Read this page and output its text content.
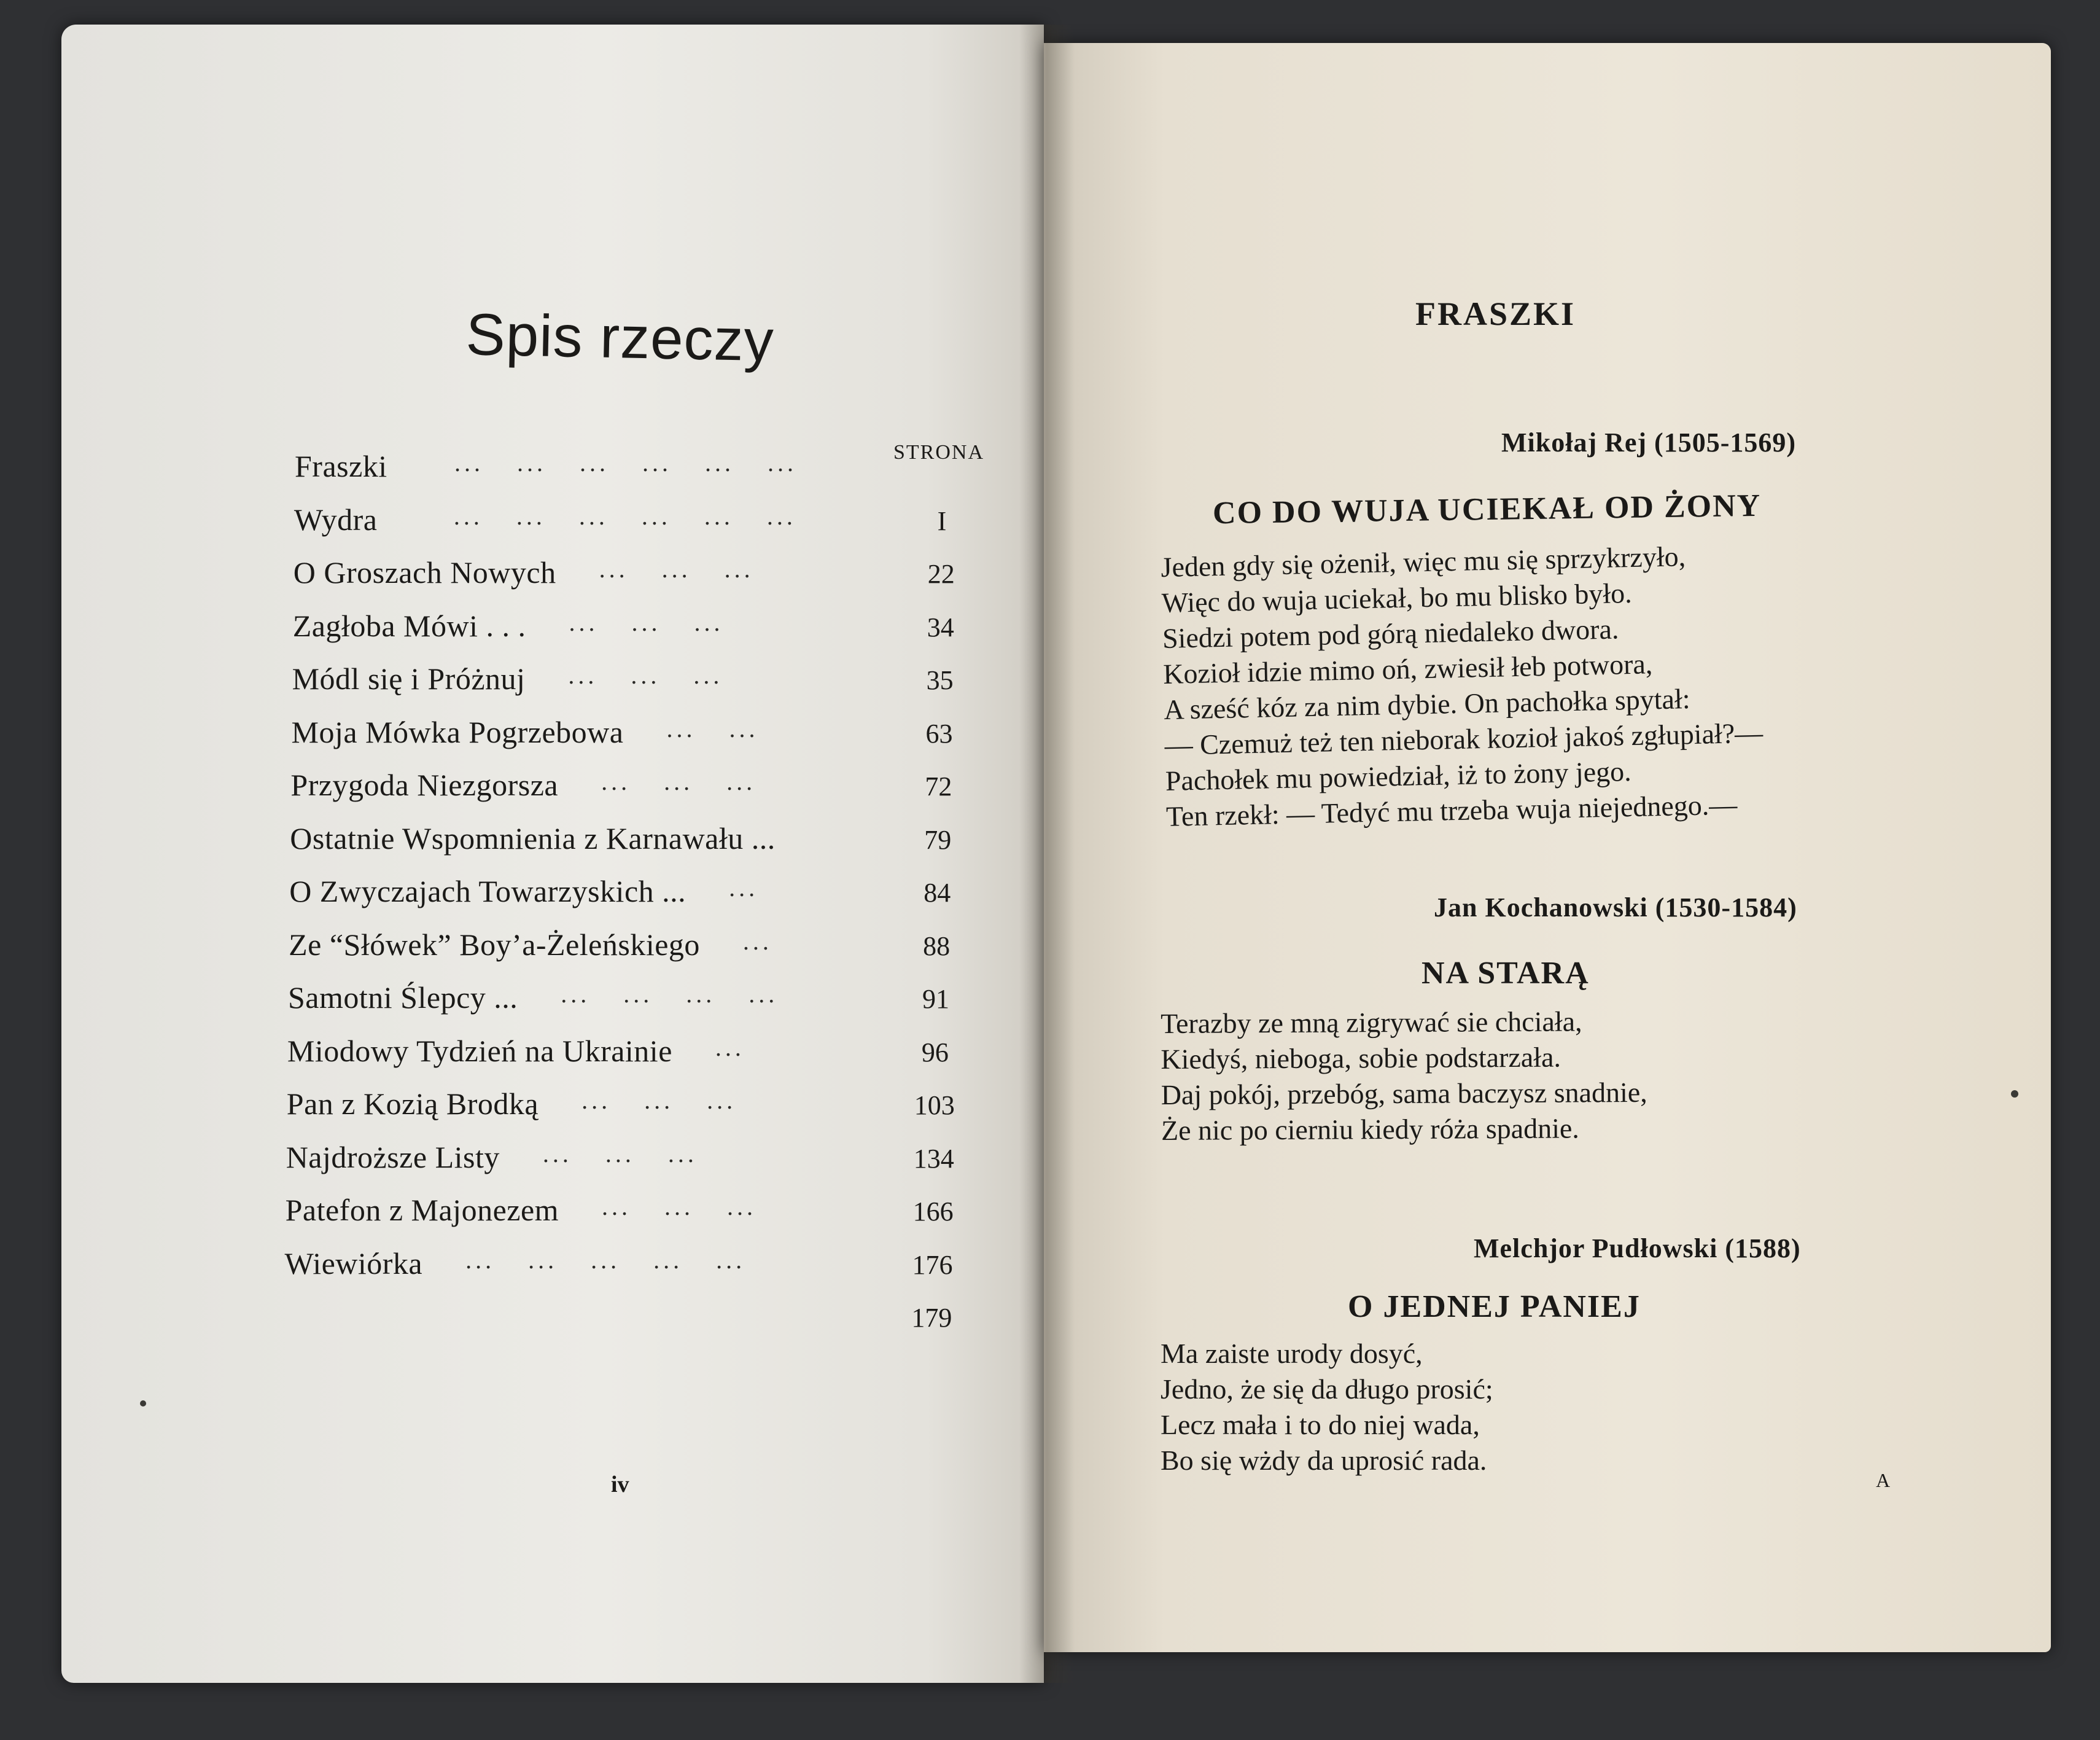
Spis rzeczy
STRONA
Fraszki	... ... ... ... ... ...
Wydra	... ... ... ... ... ...	I
O Groszach Nowych ... ... ...	22
Zagłoba Mówi . . . ... ... ...	34
Módl się i Próżnuj ... ... ...	35
Moja Mówka Pogrzebowa ... ...	63
Przygoda Niezgorsza ... ... ...	72
Ostatnie Wspomnienia z Karnawału ...	79
O Zwyczajach Towarzyskich ... ...	84
Ze “Słówek” Boy’a-Żeleńskiego ...	88
Samotni Ślepcy ... ... ... ... ...	91
Miodowy Tydzień na Ukrainie ...	96
Pan z Kozią Brodką ... ... ...	103
Najdroższe Listy ... ... ...	134
Patefon z Majonezem ... ... ...	166
Wiewiórka ... ... ... ... ...	176
179
iv
FRASZKI
Mikołaj Rej (1505-1569)
CO DO WUJA UCIEKAŁ OD ŻONY
Jeden gdy się ożenił, więc mu się sprzykrzyło,
Więc do wuja uciekał, bo mu blisko było.
Siedzi potem pod górą niedaleko dwora.
Kozioł idzie mimo oń, zwiesił łeb potwora,
A sześć kóz za nim dybie. On pachołka spytał:
— Czemuż też ten nieborak kozioł jakoś zgłupiał?—
Pachołek mu powiedział, iż to żony jego.
Ten rzekł: — Tedyć mu trzeba wuja niejednego.—
Jan Kochanowski (1530-1584)
NA STARĄ
Terazby ze mną zigrywać sie chciała,
Kiedyś, nieboga, sobie podstarzała.
Daj pokój, przebóg, sama baczysz snadnie,
Że nic po cierniu kiedy róża spadnie.
Melchjor Pudłowski (1588)
O JEDNEJ PANIEJ
Ma zaiste urody dosyć,
Jedno, że się da długo prosić;
Lecz mała i to do niej wada,
Bo się wżdy da uprosić rada.
A
